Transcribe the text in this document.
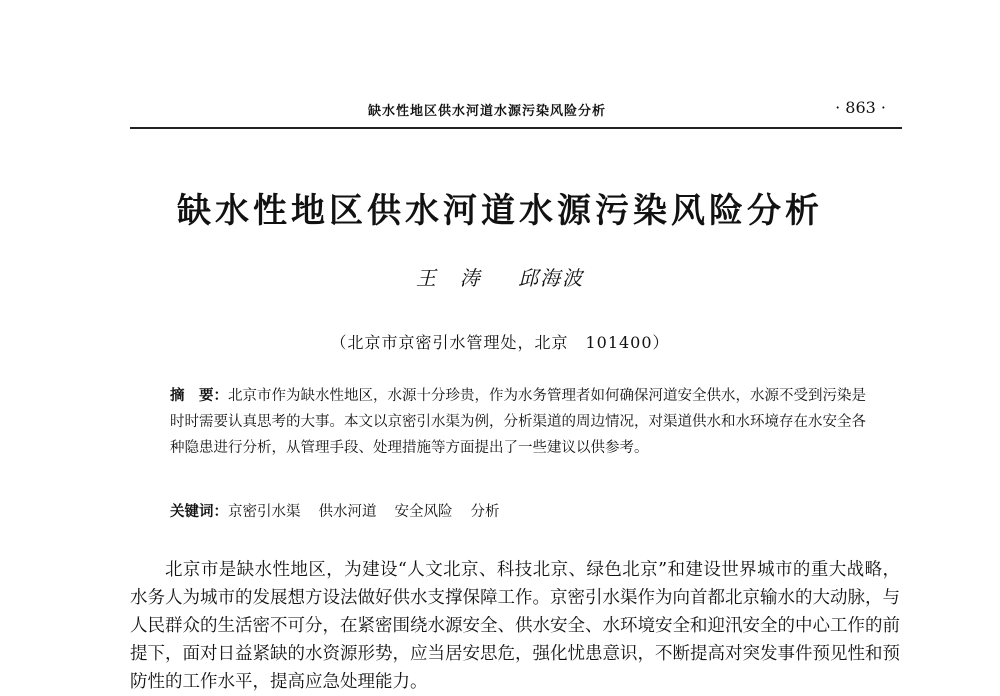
缺水性地区供水河道水源污染风险分析	· 863 ·
缺水性地区供水河道水源污染风险分析
王　涛 邱海波
（北京市京密引水管理处，北京　101400）
摘　要：北京市作为缺水性地区，水源十分珍贵，作为水务管理者如何确保河道安全供水，水源不受到污染是时时需要认真思考的大事。本文以京密引水渠为例，分析渠道的周边情况，对渠道供水和水环境存在水安全各种隐患进行分析，从管理手段、处理措施等方面提出了一些建议以供参考。
关键词：京密引水渠 供水河道 安全风险 分析
北京市是缺水性地区，为建设“人文北京、科技北京、绿色北京”和建设世界城市的重大战略，水务人为城市的发展想方设法做好供水支撑保障工作。京密引水渠作为向首都北京输水的大动脉，与人民群众的生活密不可分，在紧密围绕水源安全、供水安全、水环境安全和迎汛安全的中心工作的前提下，面对日益紧缺的水资源形势，应当居安思危，强化忧患意识，不断提高对突发事件预见性和预防性的工作水平，提高应急处理能力。
